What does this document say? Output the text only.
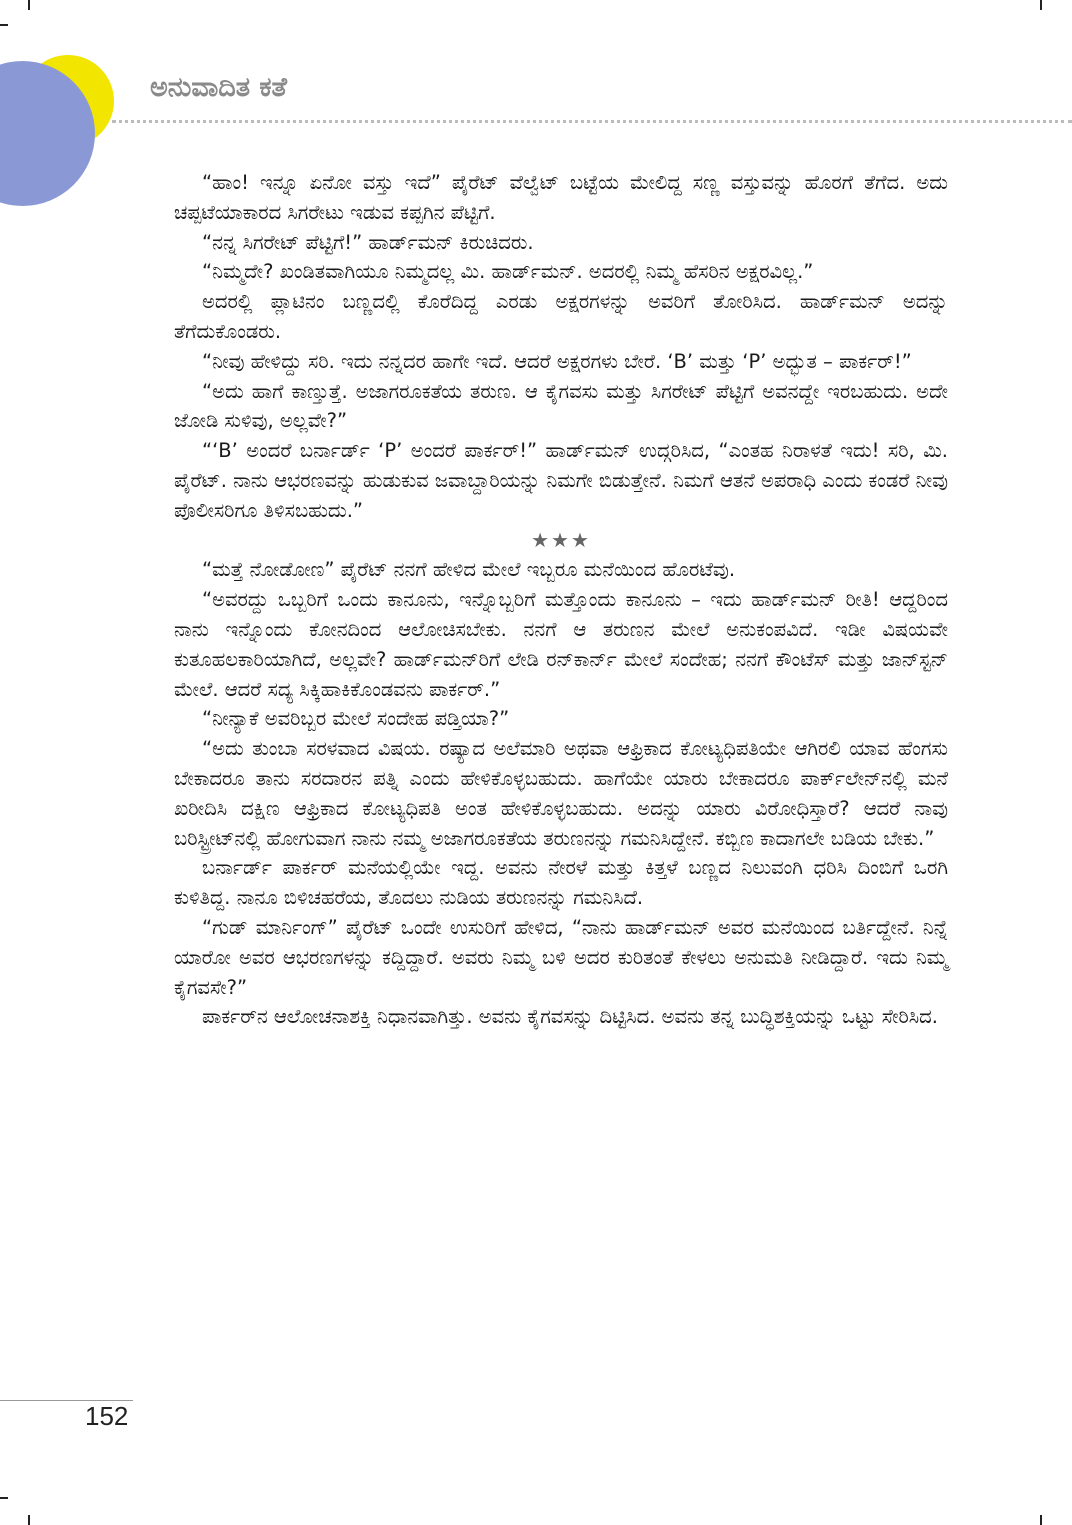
ಅನುವಾದಿತ ಕತೆ

“ಹಾಂ! ಇನ್ನೂ ಏನೋ ವಸ್ತು ಇದೆ” ಪೈರೆಟ್ ವೆಲ್ವೆಟ್ ಬಟ್ಟೆಯ ಮೇಲಿದ್ದ ಸಣ್ಣ ವಸ್ತುವನ್ನು ಹೊರಗೆ ತೆಗೆದ. ಅದು ಚಪ್ಪಟೆಯಾಕಾರದ ಸಿಗರೇಟು ಇಡುವ ಕಪ್ಪಗಿನ ಪೆಟ್ಟಿಗೆ.

“ನನ್ನ ಸಿಗರೇಟ್ ಪೆಟ್ಟಿಗೆ!” ಹಾರ್ಡ್‌ಮನ್ ಕಿರುಚಿದರು.

“ನಿಮ್ಮದೇ? ಖಂಡಿತವಾಗಿಯೂ ನಿಮ್ಮದಲ್ಲ ಮಿ. ಹಾರ್ಡ್‌ಮನ್. ಅದರಲ್ಲಿ ನಿಮ್ಮ ಹೆಸರಿನ ಅಕ್ಷರವಿಲ್ಲ.”

ಅದರಲ್ಲಿ ಪ್ಲಾಟಿನಂ ಬಣ್ಣದಲ್ಲಿ ಕೊರೆದಿದ್ದ ಎರಡು ಅಕ್ಷರಗಳನ್ನು ಅವರಿಗೆ ತೋರಿಸಿದ. ಹಾರ್ಡ್‌ಮನ್ ಅದನ್ನು ತೆಗೆದುಕೊಂಡರು.

“ನೀವು ಹೇಳಿದ್ದು ಸರಿ. ಇದು ನನ್ನದರ ಹಾಗೇ ಇದೆ. ಆದರೆ ಅಕ್ಷರಗಳು ಬೇರೆ. ‘B’ ಮತ್ತು ‘P’ ಅದ್ಭುತ – ಪಾರ್ಕರ್!”

“ಅದು ಹಾಗೆ ಕಾಣ್ತುತ್ತೆ. ಅಜಾಗರೂಕತೆಯ ತರುಣ. ಆ ಕೈಗವಸು ಮತ್ತು ಸಿಗರೇಟ್ ಪೆಟ್ಟಿಗೆ ಅವನದ್ದೇ ಇರಬಹುದು. ಅದೇ ಜೋಡಿ ಸುಳಿವು, ಅಲ್ಲವೇ?”

“‘B’ ಅಂದರೆ ಬರ್ನಾರ್ಡ್ ‘P’ ಅಂದರೆ ಪಾರ್ಕರ್!” ಹಾರ್ಡ್‌ಮನ್ ಉದ್ಗರಿಸಿದ, “ಎಂತಹ ನಿರಾಳತೆ ಇದು! ಸರಿ, ಮಿ. ಪೈರೆಟ್. ನಾನು ಆಭರಣವನ್ನು ಹುಡುಕುವ ಜವಾಬ್ದಾರಿಯನ್ನು ನಿಮಗೇ ಬಿಡುತ್ತೇನೆ. ನಿಮಗೆ ಆತನೆ ಅಪರಾಧಿ ಎಂದು ಕಂಡರೆ ನೀವು ಪೊಲೀಸರಿಗೂ ತಿಳಿಸಬಹುದು.”

★★★

“ಮತ್ತೆ ನೋಡೋಣ” ಪೈರೆಟ್ ನನಗೆ ಹೇಳಿದ ಮೇಲೆ ಇಬ್ಬರೂ ಮನೆಯಿಂದ ಹೊರಟೆವು.

“ಅವರದ್ದು ಒಬ್ಬರಿಗೆ ಒಂದು ಕಾನೂನು, ಇನ್ನೊಬ್ಬರಿಗೆ ಮತ್ತೊಂದು ಕಾನೂನು – ಇದು ಹಾರ್ಡ್‌ಮನ್ ರೀತಿ! ಆದ್ದರಿಂದ ನಾನು ಇನ್ನೊಂದು ಕೋನದಿಂದ ಆಲೋಚಿಸಬೇಕು. ನನಗೆ ಆ ತರುಣನ ಮೇಲೆ ಅನುಕಂಪವಿದೆ. ಇಡೀ ವಿಷಯವೇ ಕುತೂಹಲಕಾರಿಯಾಗಿದೆ, ಅಲ್ಲವೇ? ಹಾರ್ಡ್‌ಮನ್‌ರಿಗೆ ಲೇಡಿ ರನ್‌ಕಾರ್ನ್ ಮೇಲೆ ಸಂದೇಹ; ನನಗೆ ಕೌಂಟೆಸ್ ಮತ್ತು ಜಾನ್‌ಸ್ಟನ್ ಮೇಲೆ. ಆದರೆ ಸದ್ಯ ಸಿಕ್ಕಿಹಾಕಿಕೊಂಡವನು ಪಾರ್ಕರ್.”

“ನೀನ್ಯಾಕೆ ಅವರಿಬ್ಬರ ಮೇಲೆ ಸಂದೇಹ ಪಡ್ತಿಯಾ?”

“ಅದು ತುಂಬಾ ಸರಳವಾದ ವಿಷಯ. ರಷ್ಯಾದ ಅಲೆಮಾರಿ ಅಥವಾ ಆಫ್ರಿಕಾದ ಕೋಟ್ಯಧಿಪತಿಯೇ ಆಗಿರಲಿ ಯಾವ ಹೆಂಗಸು ಬೇಕಾದರೂ ತಾನು ಸರದಾರನ ಪತ್ನಿ ಎಂದು ಹೇಳಿಕೊಳ್ಳಬಹುದು. ಹಾಗೆಯೇ ಯಾರು ಬೇಕಾದರೂ ಪಾರ್ಕ್‌ಲೇನ್‌ನಲ್ಲಿ ಮನೆ ಖರೀದಿಸಿ ದಕ್ಷಿಣ ಆಫ್ರಿಕಾದ ಕೋಟ್ಯಧಿಪತಿ ಅಂತ ಹೇಳಿಕೊಳ್ಳಬಹುದು. ಅದನ್ನು ಯಾರು ವಿರೋಧಿಸ್ತಾರೆ? ಆದರೆ ನಾವು ಬರಿಸ್ಟ್ರೀಟ್‌ನಲ್ಲಿ ಹೋಗುವಾಗ ನಾನು ನಮ್ಮ ಅಜಾಗರೂಕತೆಯ ತರುಣನನ್ನು ಗಮನಿಸಿದ್ದೇನೆ. ಕಬ್ಬಿಣ ಕಾದಾಗಲೇ ಬಡಿಯ ಬೇಕು.”

ಬರ್ನಾರ್ಡ್ ಪಾರ್ಕರ್ ಮನೆಯಲ್ಲಿಯೇ ಇದ್ದ. ಅವನು ನೇರಳೆ ಮತ್ತು ಕಿತ್ತಳೆ ಬಣ್ಣದ ನಿಲುವಂಗಿ ಧರಿಸಿ ದಿಂಬಿಗೆ ಒರಗಿ ಕುಳಿತಿದ್ದ. ನಾನೂ ಬಿಳಿಚಹರೆಯ, ತೊದಲು ನುಡಿಯ ತರುಣನನ್ನು ಗಮನಿಸಿದೆ.

“ಗುಡ್ ಮಾರ್ನಿಂಗ್” ಪೈರೆಟ್ ಒಂದೇ ಉಸುರಿಗೆ ಹೇಳಿದ, “ನಾನು ಹಾರ್ಡ್‌ಮನ್ ಅವರ ಮನೆಯಿಂದ ಬರ್ತಿದ್ದೇನೆ. ನಿನ್ನೆ ಯಾರೋ ಅವರ ಆಭರಣಗಳನ್ನು ಕದ್ದಿದ್ದಾರೆ. ಅವರು ನಿಮ್ಮ ಬಳಿ ಅದರ ಕುರಿತಂತೆ ಕೇಳಲು ಅನುಮತಿ ನೀಡಿದ್ದಾರೆ. ಇದು ನಿಮ್ಮ ಕೈಗವಸೇ?”

ಪಾರ್ಕರ್‌ನ ಆಲೋಚನಾಶಕ್ತಿ ನಿಧಾನವಾಗಿತ್ತು. ಅವನು ಕೈಗವಸನ್ನು ದಿಟ್ಟಿಸಿದ. ಅವನು ತನ್ನ ಬುದ್ಧಿಶಕ್ತಿಯನ್ನು ಒಟ್ಟು ಸೇರಿಸಿದ.

152
